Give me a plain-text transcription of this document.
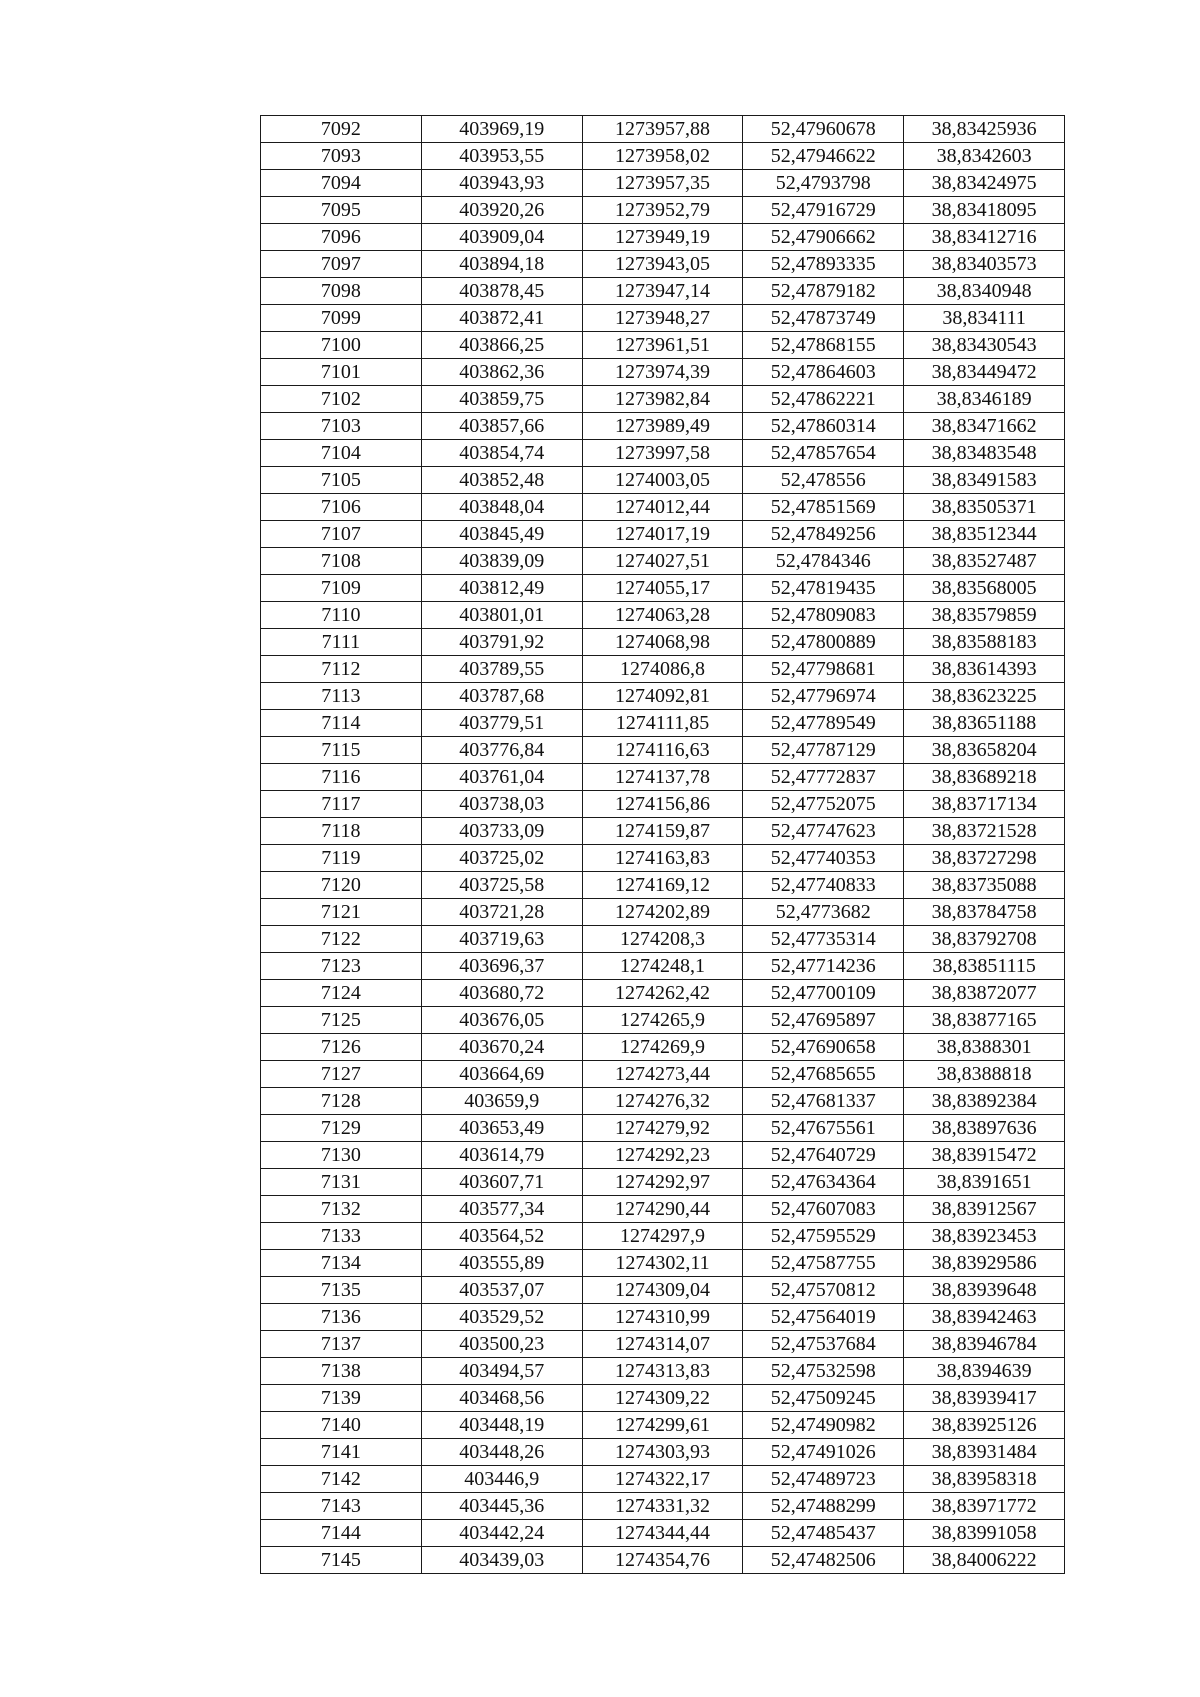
7092	403969,19	1273957,88	52,47960678	38,83425936
7093	403953,55	1273958,02	52,47946622	38,8342603
7094	403943,93	1273957,35	52,4793798	38,83424975
7095	403920,26	1273952,79	52,47916729	38,83418095
7096	403909,04	1273949,19	52,47906662	38,83412716
7097	403894,18	1273943,05	52,47893335	38,83403573
7098	403878,45	1273947,14	52,47879182	38,8340948
7099	403872,41	1273948,27	52,47873749	38,834111
7100	403866,25	1273961,51	52,47868155	38,83430543
7101	403862,36	1273974,39	52,47864603	38,83449472
7102	403859,75	1273982,84	52,47862221	38,8346189
7103	403857,66	1273989,49	52,47860314	38,83471662
7104	403854,74	1273997,58	52,47857654	38,83483548
7105	403852,48	1274003,05	52,478556	38,83491583
7106	403848,04	1274012,44	52,47851569	38,83505371
7107	403845,49	1274017,19	52,47849256	38,83512344
7108	403839,09	1274027,51	52,4784346	38,83527487
7109	403812,49	1274055,17	52,47819435	38,83568005
7110	403801,01	1274063,28	52,47809083	38,83579859
7111	403791,92	1274068,98	52,47800889	38,83588183
7112	403789,55	1274086,8	52,47798681	38,83614393
7113	403787,68	1274092,81	52,47796974	38,83623225
7114	403779,51	1274111,85	52,47789549	38,83651188
7115	403776,84	1274116,63	52,47787129	38,83658204
7116	403761,04	1274137,78	52,47772837	38,83689218
7117	403738,03	1274156,86	52,47752075	38,83717134
7118	403733,09	1274159,87	52,47747623	38,83721528
7119	403725,02	1274163,83	52,47740353	38,83727298
7120	403725,58	1274169,12	52,47740833	38,83735088
7121	403721,28	1274202,89	52,4773682	38,83784758
7122	403719,63	1274208,3	52,47735314	38,83792708
7123	403696,37	1274248,1	52,47714236	38,83851115
7124	403680,72	1274262,42	52,47700109	38,83872077
7125	403676,05	1274265,9	52,47695897	38,83877165
7126	403670,24	1274269,9	52,47690658	38,8388301
7127	403664,69	1274273,44	52,47685655	38,8388818
7128	403659,9	1274276,32	52,47681337	38,83892384
7129	403653,49	1274279,92	52,47675561	38,83897636
7130	403614,79	1274292,23	52,47640729	38,83915472
7131	403607,71	1274292,97	52,47634364	38,8391651
7132	403577,34	1274290,44	52,47607083	38,83912567
7133	403564,52	1274297,9	52,47595529	38,83923453
7134	403555,89	1274302,11	52,47587755	38,83929586
7135	403537,07	1274309,04	52,47570812	38,83939648
7136	403529,52	1274310,99	52,47564019	38,83942463
7137	403500,23	1274314,07	52,47537684	38,83946784
7138	403494,57	1274313,83	52,47532598	38,8394639
7139	403468,56	1274309,22	52,47509245	38,83939417
7140	403448,19	1274299,61	52,47490982	38,83925126
7141	403448,26	1274303,93	52,47491026	38,83931484
7142	403446,9	1274322,17	52,47489723	38,83958318
7143	403445,36	1274331,32	52,47488299	38,83971772
7144	403442,24	1274344,44	52,47485437	38,83991058
7145	403439,03	1274354,76	52,47482506	38,84006222
